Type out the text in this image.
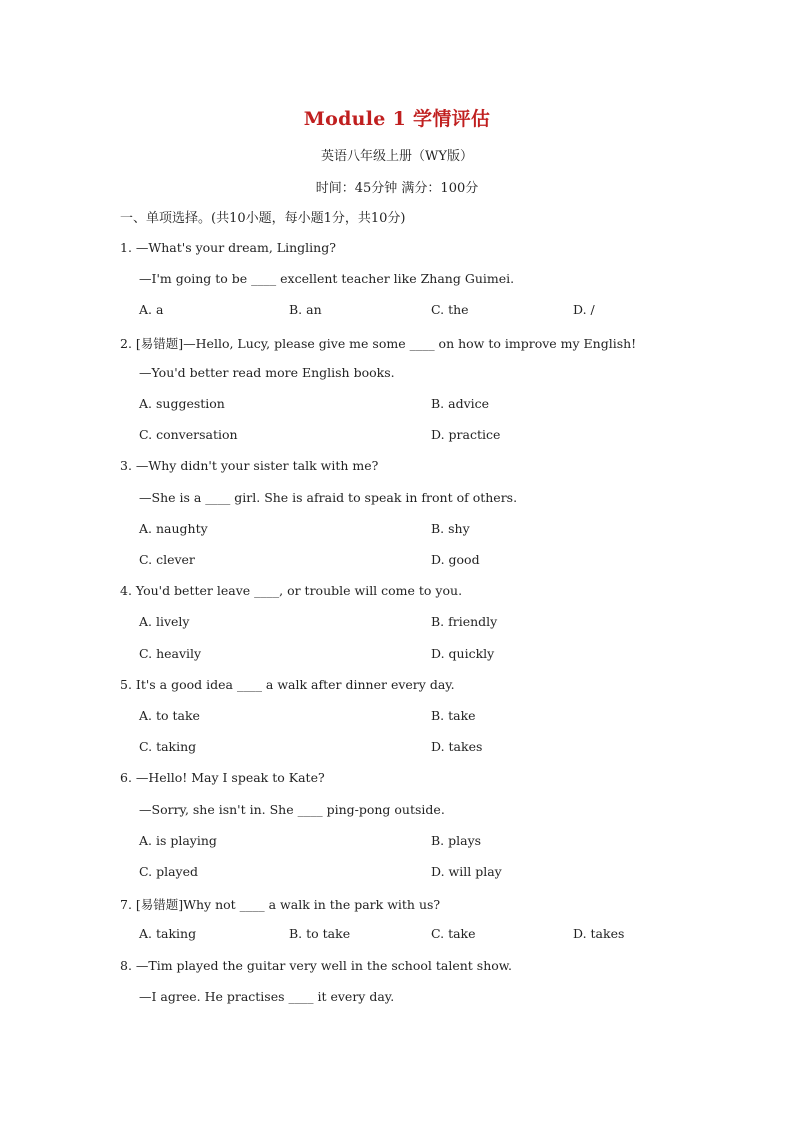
Module 1 学情评估
英语八年级上册（WY版）
时间：45分钟 满分：100分
一、单项选择。(共10小题，每小题1分，共10分)
1. —What's your dream, Lingling?
—I'm going to be ____ excellent teacher like Zhang Guimei.
A. a	B. an	C. the	D. /
2. [易错题]—Hello, Lucy, please give me some ____ on how to improve my English!
—You'd better read more English books.
A. suggestion	B. advice
C. conversation	D. practice
3. —Why didn't your sister talk with me?
—She is a ____ girl. She is afraid to speak in front of others.
A. naughty	B. shy
C. clever	D. good
4. You'd better leave ____, or trouble will come to you.
A. lively	B. friendly
C. heavily	D. quickly
5. It's a good idea ____ a walk after dinner every day.
A. to take	B. take
C. taking	D. takes
6. —Hello! May I speak to Kate?
—Sorry, she isn't in. She ____ ping-pong outside.
A. is playing	B. plays
C. played	D. will play
7. [易错题]Why not ____ a walk in the park with us?
A. taking	B. to take	C. take	D. takes
8. —Tim played the guitar very well in the school talent show.
—I agree. He practises ____ it every day.
